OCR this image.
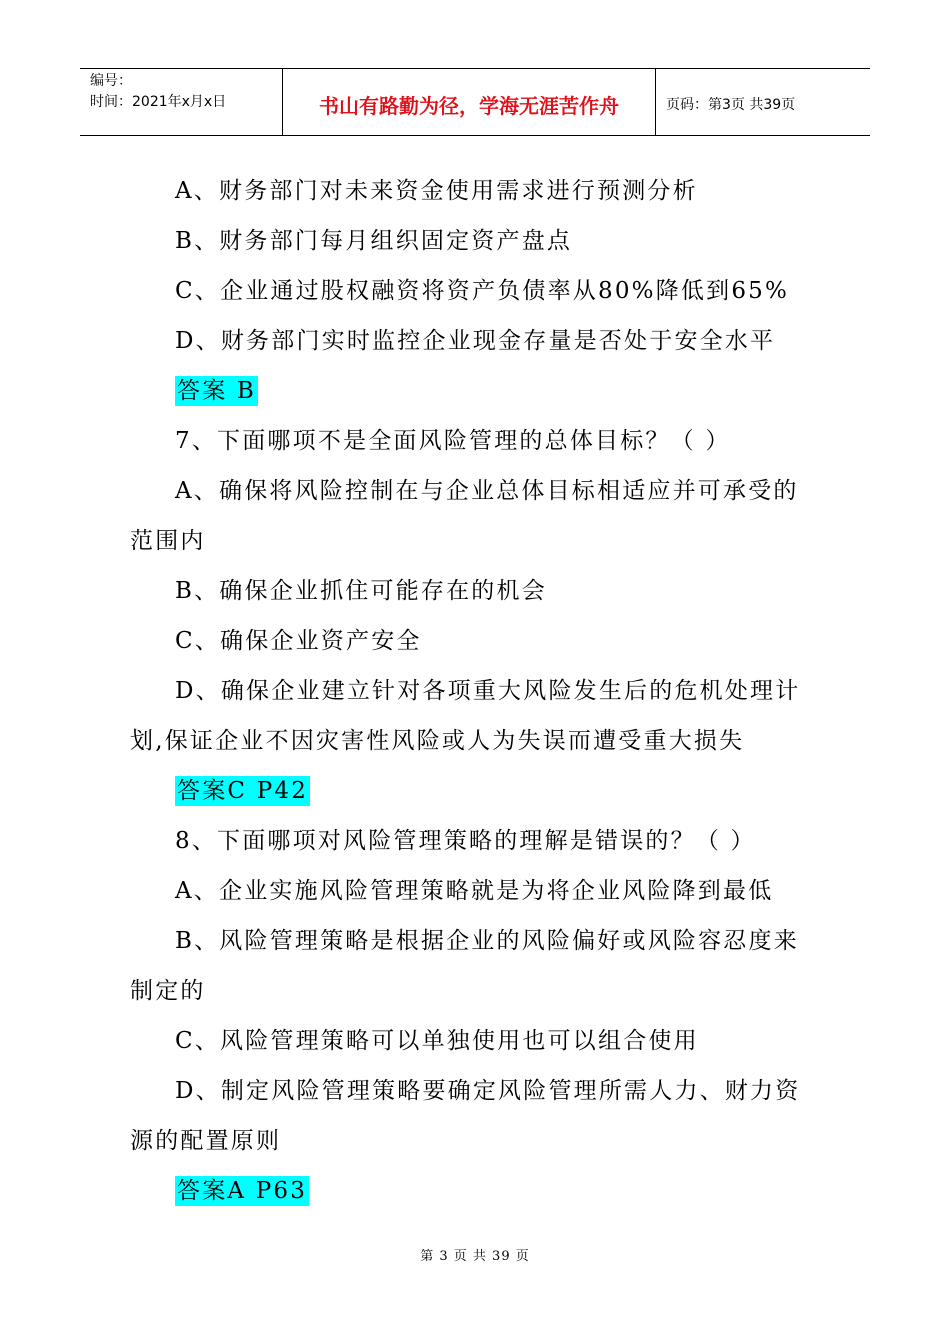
编号：
时间：2021年x月x日	书山有路勤为径，学海无涯苦作舟	页码：第3页 共39页
A、财务部门对未来资金使用需求进行预测分析
B、财务部门每月组织固定资产盘点
C、企业通过股权融资将资产负债率从80%降低到65%
D、财务部门实时监控企业现金存量是否处于安全水平
答案 B
7、下面哪项不是全面风险管理的总体目标？（ ）
A、确保将风险控制在与企业总体目标相适应并可承受的
范围内
B、确保企业抓住可能存在的机会
C、确保企业资产安全
D、确保企业建立针对各项重大风险发生后的危机处理计
划,保证企业不因灾害性风险或人为失误而遭受重大损失
答案C P42
8、下面哪项对风险管理策略的理解是错误的？（ ）
A、企业实施风险管理策略就是为将企业风险降到最低
B、风险管理策略是根据企业的风险偏好或风险容忍度来
制定的
C、风险管理策略可以单独使用也可以组合使用
D、制定风险管理策略要确定风险管理所需人力、财力资
源的配置原则
答案A P63
第 3 页 共 39 页
